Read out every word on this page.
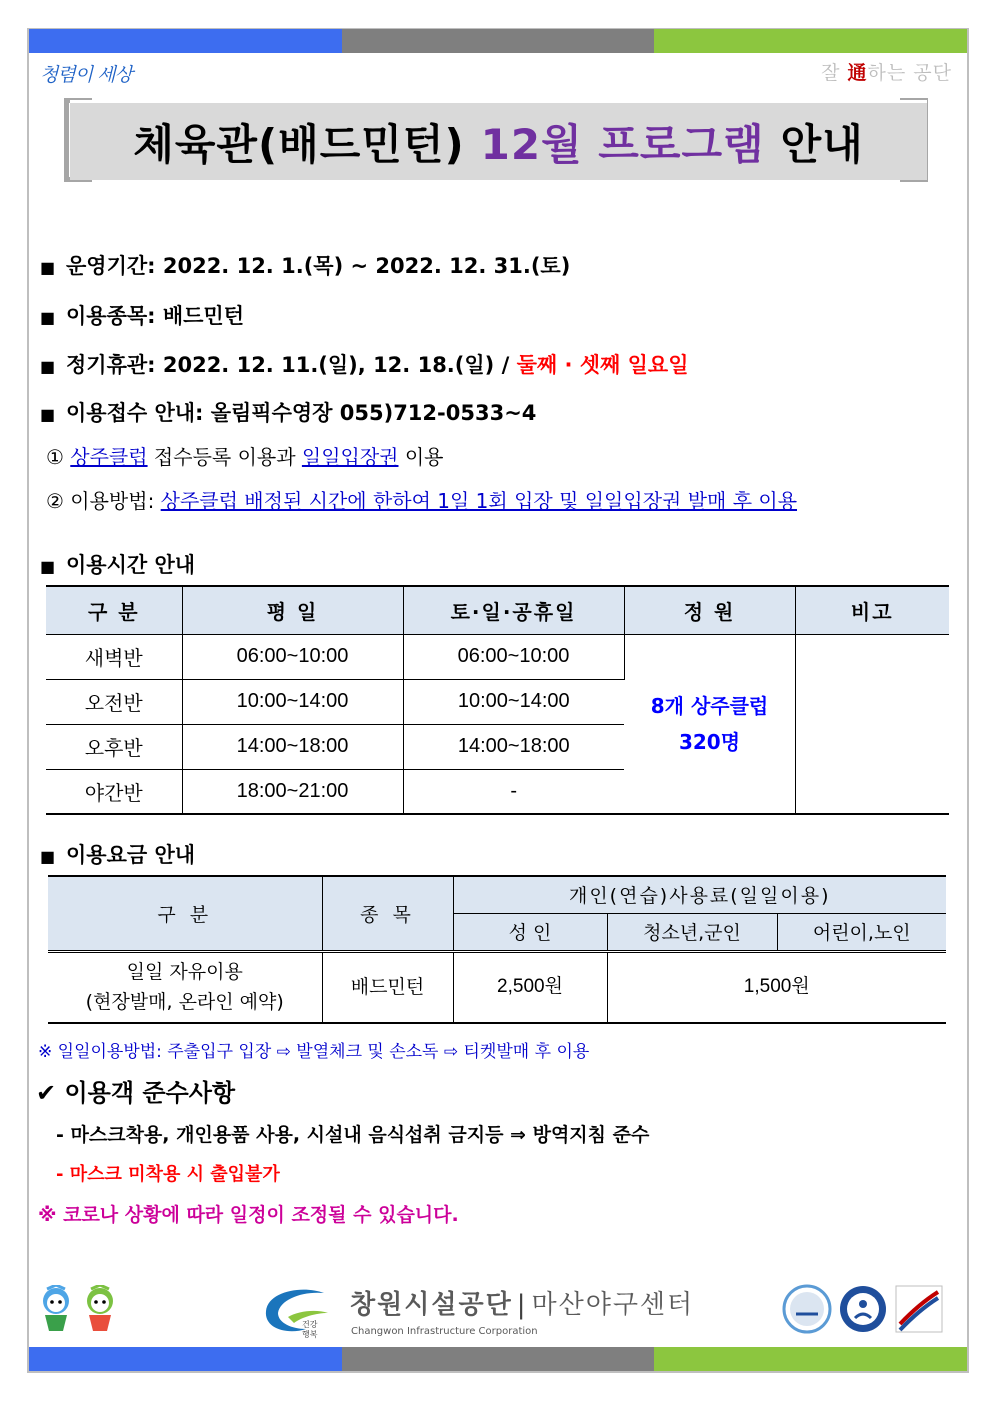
청렴이 세상	잘 通하는 공단
체육관(배드민턴) 12월 프로그램 안내
■ 운영기간: 2022. 12. 1.(목) ~ 2022. 12. 31.(토)
■ 이용종목: 배드민턴
■ 정기휴관: 2022. 12. 11.(일), 12. 18.(일) / 둘째 · 셋째 일요일
■ 이용접수 안내: 올림픽수영장 055)712-0533~4
① 상주클럽 접수등록 이용과 일일입장권 이용
② 이용방법: 상주클럽 배정된 시간에 한하여 1일 1회 입장 및 일일입장권 발매 후 이용
■ 이용시간 안내
구 분	평 일	토·일·공휴일	정 원	비고
새벽반	06:00~10:00	06:00~10:00	8개 상주클럽
320명	

오전반	10:00~14:00	10:00~14:00		
오후반	14:00~18:00	14:00~18:00		
야간반	18:00~21:00	-		
■ 이용요금 안내
구 분	종 목	개인(연습)사용료(일일이용)		
		성 인	청소년,군인	어린이,노인

일일 자유이용
(현장발매, 온라인 예약)	배드민턴	2,500원	1,500원	
※ 일일이용방법: 주출입구 입장 ⇨ 발열체크 및 손소독 ⇨ 티켓발매 후 이용
✔ 이용객 준수사항
- 마스크착용, 개인용품 사용, 시설내 음식섭취 금지등 ⇒ 방역지침 준수
- 마스크 미착용 시 출입불가
※ 코로나 상황에 따라 일정이 조정될 수 있습니다.
건강
행복
창원시설공단 | 마산야구센터
Changwon Infrastructure Corporation
